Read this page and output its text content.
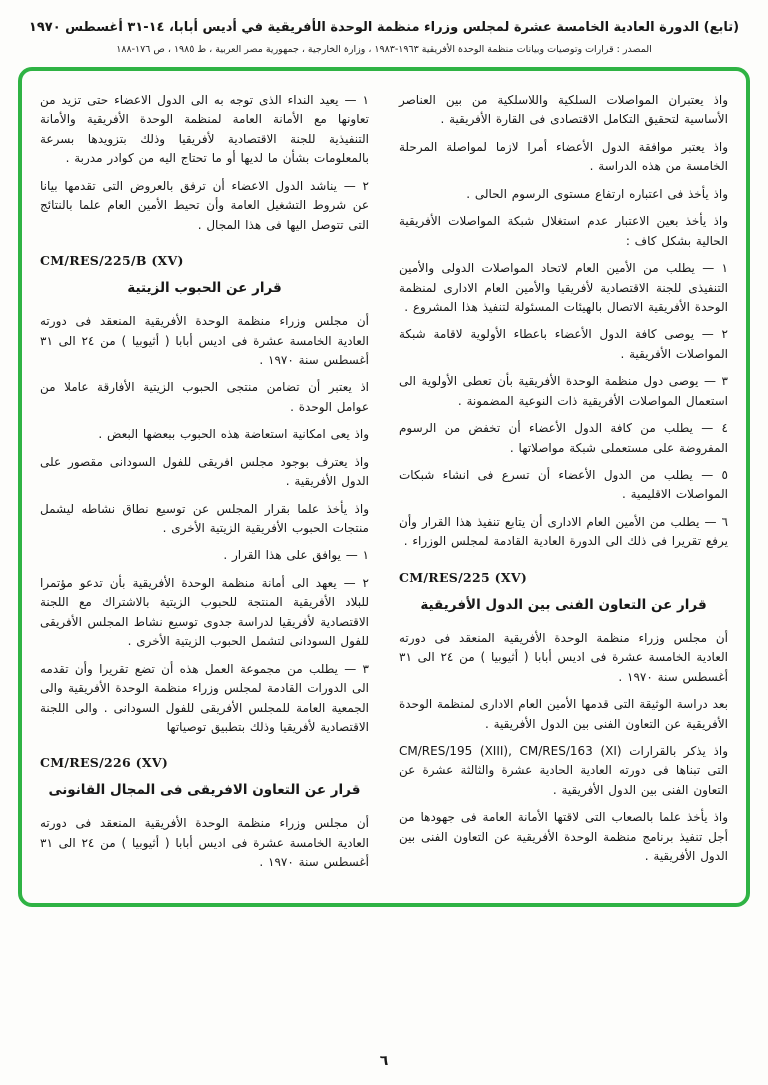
(تابع) الدورة العادية الخامسة عشرة لمجلس وزراء منظمة الوحدة الأفريقية في أديس أبابا، ١٤-٣١ أغسطس ١٩٧٠
المصدر : قرارات وتوصيات وبيانات منظمة الوحدة الأفريقية ١٩٦٣-١٩٨٣ ، وزارة الخارجية ، جمهورية مصر العربية ، ط ١٩٨٥ ، ص ١٧٦-١٨٨

واذ يعتبران المواصلات السلكية واللاسلكية من بين العناصر الأساسية لتحقيق التكامل الاقتصادى فى القارة الأفريقية .

واذ يعتبر موافقة الدول الأعضاء أمرا لازما لمواصلة المرحلة الخامسة من هذه الدراسة .

واذ يأخذ فى اعتباره ارتفاع مستوى الرسوم الحالى .

واذ يأخذ بعين الاعتبار عدم استغلال شبكة المواصلات الأفريقية الحالية بشكل كاف :

١ — يطلب من الأمين العام لاتحاد المواصلات الدولى والأمين التنفيذى للجنة الاقتصادية لأفريقيا والأمين العام الادارى لمنظمة الوحدة الأفريقية الاتصال بالهيئات المسئولة لتنفيذ هذا المشروع .

٢ — يوصى كافة الدول الأعضاء باعطاء الأولوية لاقامة شبكة المواصلات الأفريقية .

٣ — يوصى دول منظمة الوحدة الأفريقية بأن تعطى الأولوية الى استعمال المواصلات الأفريقية ذات النوعية المضمونة .

٤ — يطلب من كافة الدول الأعضاء أن تخفض من الرسوم المفروضة على مستعملى شبكة مواصلاتها .

٥ — يطلب من الدول الأعضاء أن تسرع فى انشاء شبكات المواصلات الاقليمية .

٦ — يطلب من الأمين العام الادارى أن يتابع تنفيذ هذا القرار وأن يرفع تقريرا فى ذلك الى الدورة العادية القادمة لمجلس الوزراء .

CM/RES/225 (XV)

قرار عن التعاون الفنى بين الدول الأفريقية

أن مجلس وزراء منظمة الوحدة الأفريقية المنعقد فى دورته العادية الخامسة عشرة فى اديس أبابا ( أثيوبيا ) من ٢٤ الى ٣١ أغسطس سنة ١٩٧٠ .

بعد دراسة الوثيقة التى قدمها الأمين العام الادارى لمنظمة الوحدة الأفريقية عن التعاون الفنى بين الدول الأفريقية .

واذ يذكر بالقرارات CM/RES/195 (XIII), CM/RES/163 (XI) التى تبناها فى دورته العادية الحادية عشرة والثالثة عشرة عن التعاون الفنى بين الدول الأفريقية .

واذ يأخذ علما بالصعاب التى لاقتها الأمانة العامة فى جهودها من أجل تنفيذ برنامج منظمة الوحدة الأفريقية عن التعاون الفنى بين الدول الأفريقية .

١ — يعيد النداء الذى توجه به الى الدول الاعضاء حتى تزيد من تعاونها مع الأمانة العامة لمنظمة الوحدة الأفريقية والأمانة التنفيذية للجنة الاقتصادية لأفريقيا وذلك بتزويدها بسرعة بالمعلومات بشأن ما لديها أو ما تحتاج اليه من كوادر مدربة .

٢ — يناشد الدول الاعضاء أن ترفق بالعروض التى تقدمها بيانا عن شروط التشغيل العامة وأن تحيط الأمين العام علما بالنتائج التى تتوصل اليها فى هذا المجال .

CM/RES/225/B (XV)

قرار عن الحبوب الزيتية

أن مجلس وزراء منظمة الوحدة الأفريقية المنعقد فى دورته العادية الخامسة عشرة فى اديس أبابا ( أثيوبيا ) من ٢٤ الى ٣١ أغسطس سنة ١٩٧٠ .

اذ يعتبر أن تضامن منتجى الحبوب الزيتية الأفارقة عاملا من عوامل الوحدة .

واذ يعى امكانية استعاضة هذه الحبوب ببعضها البعض .

واذ يعترف بوجود مجلس افريقى للفول السودانى مقصور على الدول الأفريقية .

واذ يأخذ علما بقرار المجلس عن توسيع نطاق نشاطه ليشمل منتجات الحبوب الأفريقية الزيتية الأخرى .

١ — يوافق على هذا القرار .

٢ — يعهد الى أمانة منظمة الوحدة الأفريقية بأن تدعو مؤتمرا للبلاد الأفريقية المنتجة للحبوب الزيتية بالاشتراك مع اللجنة الاقتصادية لأفريقيا لدراسة جدوى توسيع نشاط المجلس الأفريقى للفول السودانى لتشمل الحبوب الزيتية الأخرى .

٣ — يطلب من مجموعة العمل هذه أن تضع تقريرا وأن تقدمه الى الدورات القادمة لمجلس وزراء منظمة الوحدة الأفريقية والى الجمعية العامة للمجلس الأفريقى للفول السودانى . والى اللجنة الاقتصادية لأفريقيا وذلك بتطبيق توصياتها

CM/RES/226 (XV)

قرار عن التعاون الافريقى فى المجال القانونى

أن مجلس وزراء منظمة الوحدة الأفريقية المنعقد فى دورته العادية الخامسة عشرة فى اديس أبابا ( أثيوبيا ) من ٢٤ الى ٣١ أغسطس سنة ١٩٧٠ .

٦
